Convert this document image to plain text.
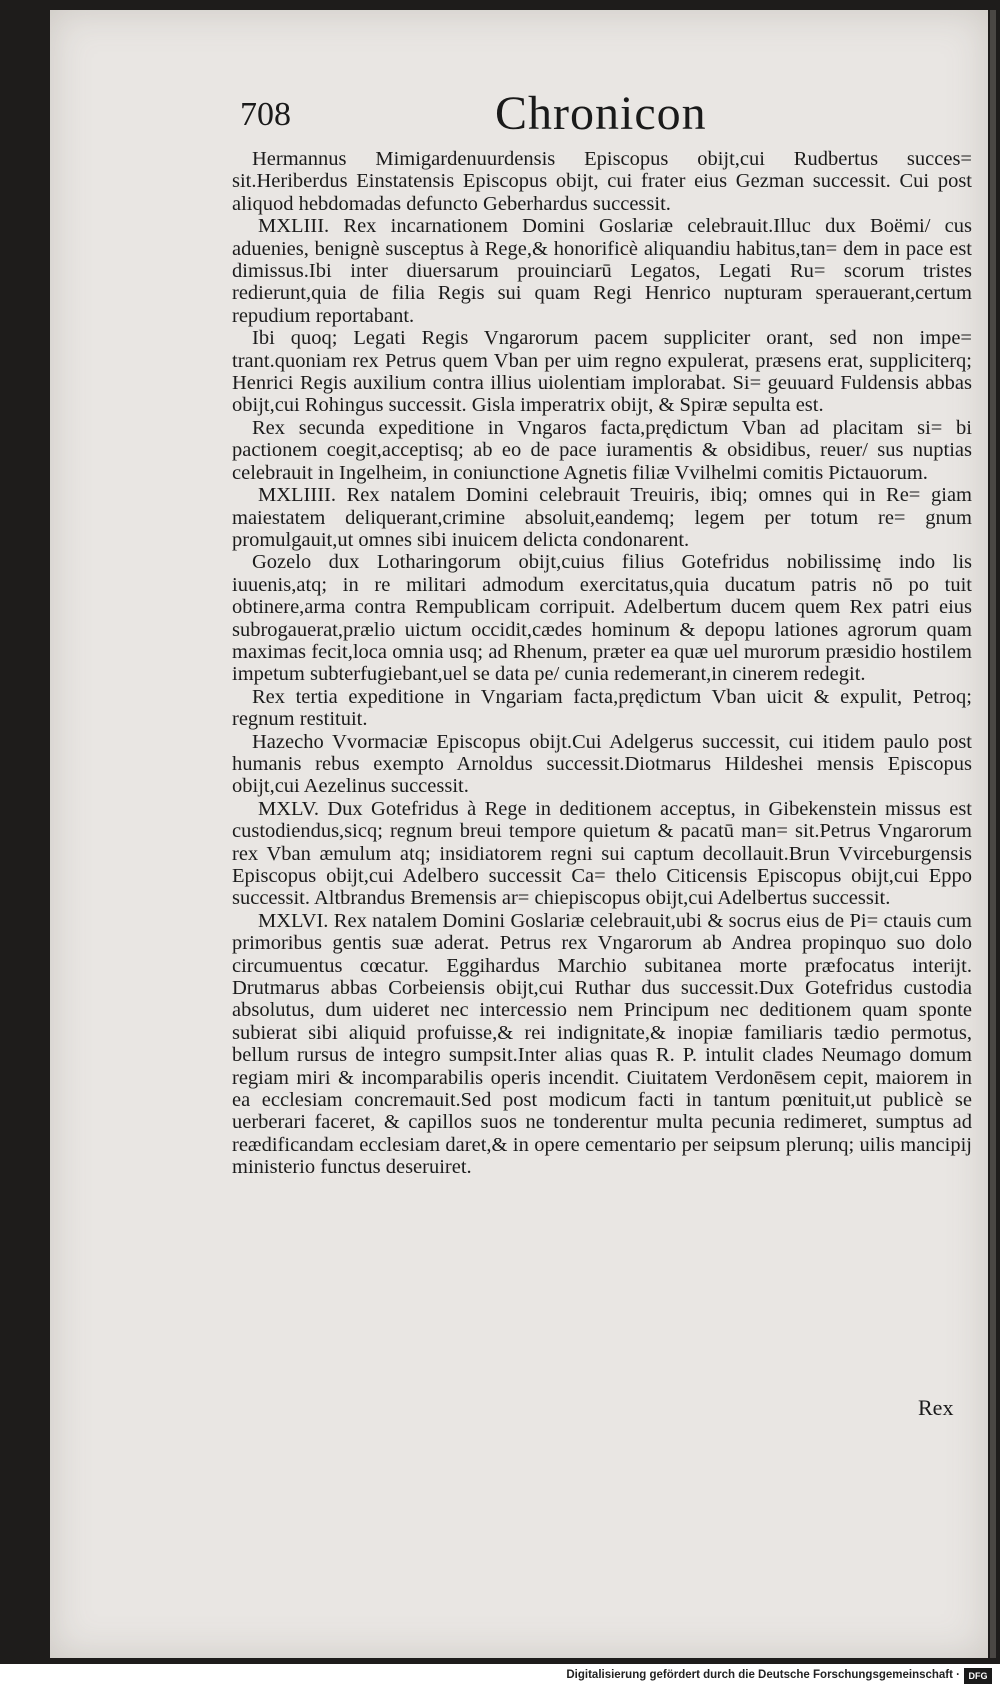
708	Chronicon

Hermannus Mimigardenuurdensis Episcopus obijt,cui Rudbertus succes= sit.Heriberdus Einstatensis Episcopus obijt, cui frater eius Gezman successit. Cui post aliquod hebdomadas defuncto Geberhardus successit.

MXLIII. Rex incarnationem Domini Goslariæ celebrauit.Illuc dux Boëmi/ cus aduenies, benignè susceptus à Rege,& honorificè aliquandiu habitus,tan= dem in pace est dimissus.Ibi inter diuersarum prouinciarū Legatos, Legati Ru= scorum tristes redierunt,quia de filia Regis sui quam Regi Henrico nupturam sperauerant,certum repudium reportabant.

Ibi quoq; Legati Regis Vngarorum pacem suppliciter orant, sed non impe= trant.quoniam rex Petrus quem Vban per uim regno expulerat, præsens erat, suppliciterq; Henrici Regis auxilium contra illius uiolentiam implorabat. Si= geuuard Fuldensis abbas obijt,cui Rohingus successit. Gisla imperatrix obijt, & Spiræ sepulta est.

Rex secunda expeditione in Vngaros facta,prędictum Vban ad placitam si= bi pactionem coegit,acceptisq; ab eo de pace iuramentis & obsidibus, reuer/ sus nuptias celebrauit in Ingelheim, in coniunctione Agnetis filiæ Vvilhelmi comitis Pictauorum.

MXLIIII. Rex natalem Domini celebrauit Treuiris, ibiq; omnes qui in Re= giam maiestatem deliquerant,crimine absoluit,eandemq; legem per totum re= gnum promulgauit,ut omnes sibi inuicem delicta condonarent.

Gozelo dux Lotharingorum obijt,cuius filius Gotefridus nobilissimę indo lis iuuenis,atq; in re militari admodum exercitatus,quia ducatum patris nō po tuit obtinere,arma contra Rempublicam corripuit. Adelbertum ducem quem Rex patri eius subrogauerat,prælio uictum occidit,cædes hominum & depopu lationes agrorum quam maximas fecit,loca omnia usq; ad Rhenum, præter ea quæ uel murorum præsidio hostilem impetum subterfugiebant,uel se data pe/ cunia redemerant,in cinerem redegit.

Rex tertia expeditione in Vngariam facta,prędictum Vban uicit & expulit, Petroq; regnum restituit.

Hazecho Vvormaciæ Episcopus obijt.Cui Adelgerus successit, cui itidem paulo post humanis rebus exempto Arnoldus successit.Diotmarus Hildeshei mensis Episcopus obijt,cui Aezelinus successit.

MXLV. Dux Gotefridus à Rege in deditionem acceptus, in Gibekenstein missus est custodiendus,sicq; regnum breui tempore quietum & pacatū man= sit.Petrus Vngarorum rex Vban æmulum atq; insidiatorem regni sui captum decollauit.Brun Vvirceburgensis Episcopus obijt,cui Adelbero successit Ca= thelo Citicensis Episcopus obijt,cui Eppo successit. Altbrandus Bremensis ar= chiepiscopus obijt,cui Adelbertus successit.

MXLVI. Rex natalem Domini Goslariæ celebrauit,ubi & socrus eius de Pi= ctauis cum primoribus gentis suæ aderat. Petrus rex Vngarorum ab Andrea propinquo suo dolo circumuentus cœcatur. Eggihardus Marchio subitanea morte præfocatus interijt. Drutmarus abbas Corbeiensis obijt,cui Ruthar dus successit.Dux Gotefridus custodia absolutus, dum uideret nec intercessio nem Principum nec deditionem quam sponte subierat sibi aliquid profuisse,& rei indignitate,& inopiæ familiaris tædio permotus, bellum rursus de integro sumpsit.Inter alias quas R. P. intulit clades Neumago domum regiam miri & incomparabilis operis incendit. Ciuitatem Verdonēsem cepit, maiorem in ea ecclesiam concremauit.Sed post modicum facti in tantum pœnituit,ut publicè se uerberari faceret, & capillos suos ne tonderentur multa pecunia redimeret, sumptus ad reædificandam ecclesiam daret,& in opere cementario per seipsum plerunq; uilis mancipij ministerio functus deseruiret.

Rex
Digitalisierung gefördert durch die Deutsche Forschungsgemeinschaft · DFG
